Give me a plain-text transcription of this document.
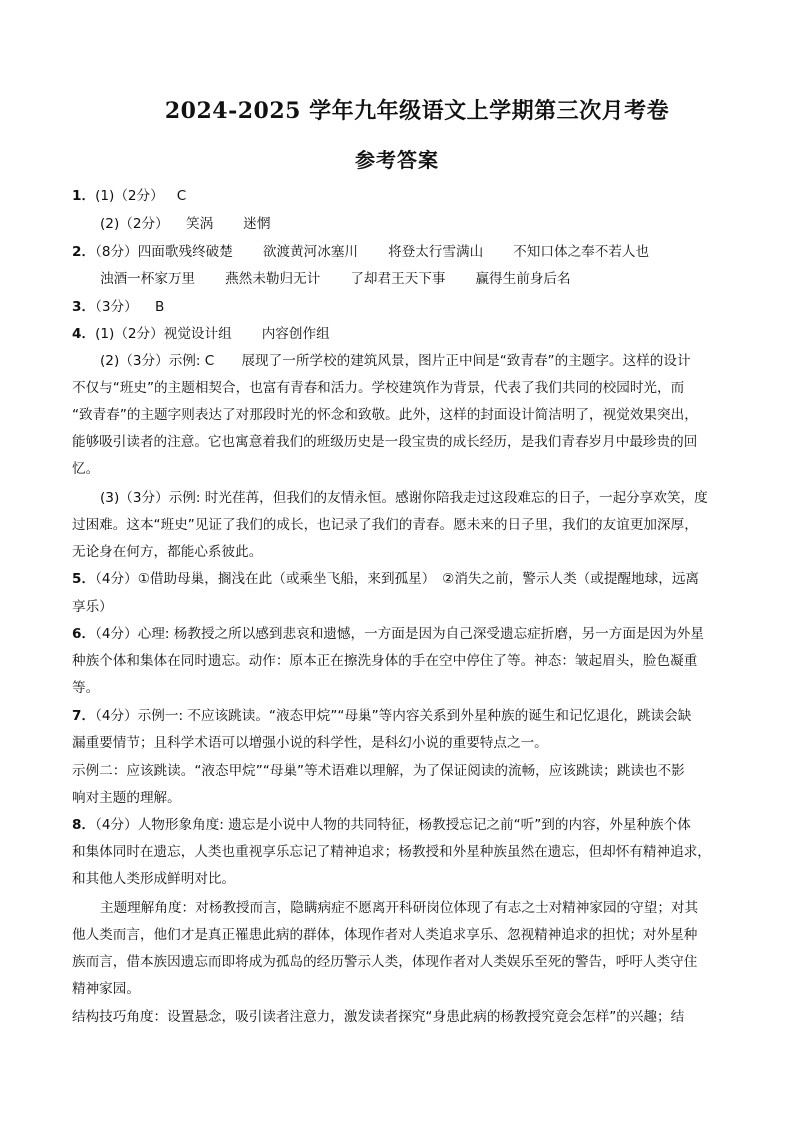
2024-2025 学年九年级语文上学期第三次月考卷
参考答案
1．(1)（2分） C
(2)（2分） 笑涡 迷惘
2．（8分）四面歌残终破楚 欲渡黄河冰塞川 将登太行雪满山 不知口体之奉不若人也
浊酒一杯家万里 燕然未勒归无计 了却君王天下事 赢得生前身后名
3．（3分） B
4．(1)（2分）视觉设计组 内容创作组
(2)（3分）示例: C　　展现了一所学校的建筑风景，图片正中间是“致青春”的主题字。这样的设计
不仅与“班史”的主题相契合，也富有青春和活力。学校建筑作为背景，代表了我们共同的校园时光，而
“致青春”的主题字则表达了对那段时光的怀念和致敬。此外，这样的封面设计简洁明了，视觉效果突出，
能够吸引读者的注意。它也寓意着我们的班级历史是一段宝贵的成长经历，是我们青春岁月中最珍贵的回
忆。
(3)（3分）示例: 时光荏苒，但我们的友情永恒。感谢你陪我走过这段难忘的日子，一起分享欢笑，度
过困难。这本“班史”见证了我们的成长，也记录了我们的青春。愿未来的日子里，我们的友谊更加深厚，
无论身在何方，都能心系彼此。
5．（4分）①借助母巢，搁浅在此（或乘坐飞船，来到孤星）　②消失之前，警示人类（或提醒地球，远离
享乐）
6．（4分）心理: 杨教授之所以感到悲哀和遗憾，一方面是因为自己深受遗忘症折磨，另一方面是因为外星
种族个体和集体在同时遗忘。动作：原本正在擦洗身体的手在空中停住了等。神态：皱起眉头，脸色凝重
等。
7．（4分）示例一: 不应该跳读。“液态甲烷”“母巢”等内容关系到外星种族的诞生和记忆退化，跳读会缺
漏重要情节；且科学术语可以增强小说的科学性，是科幻小说的重要特点之一。
示例二：应该跳读。“液态甲烷”“母巢”等术语难以理解，为了保证阅读的流畅，应该跳读；跳读也不影
响对主题的理解。
8．（4分）人物形象角度: 遗忘是小说中人物的共同特征，杨教授忘记之前“听”到的内容，外星种族个体
和集体同时在遗忘，人类也重视享乐忘记了精神追求；杨教授和外星种族虽然在遗忘，但却怀有精神追求，
和其他人类形成鲜明对比。
主题理解角度：对杨教授而言，隐瞒病症不愿离开科研岗位体现了有志之士对精神家园的守望；对其
他人类而言，他们才是真正罹患此病的群体，体现作者对人类追求享乐、忽视精神追求的担忧；对外星种
族而言，借本族因遗忘而即将成为孤岛的经历警示人类，体现作者对人类娱乐至死的警告，呼吁人类守住
精神家园。
结构技巧角度：设置悬念，吸引读者注意力，激发读者探究“身患此病的杨教授究竟会怎样”的兴趣；结
